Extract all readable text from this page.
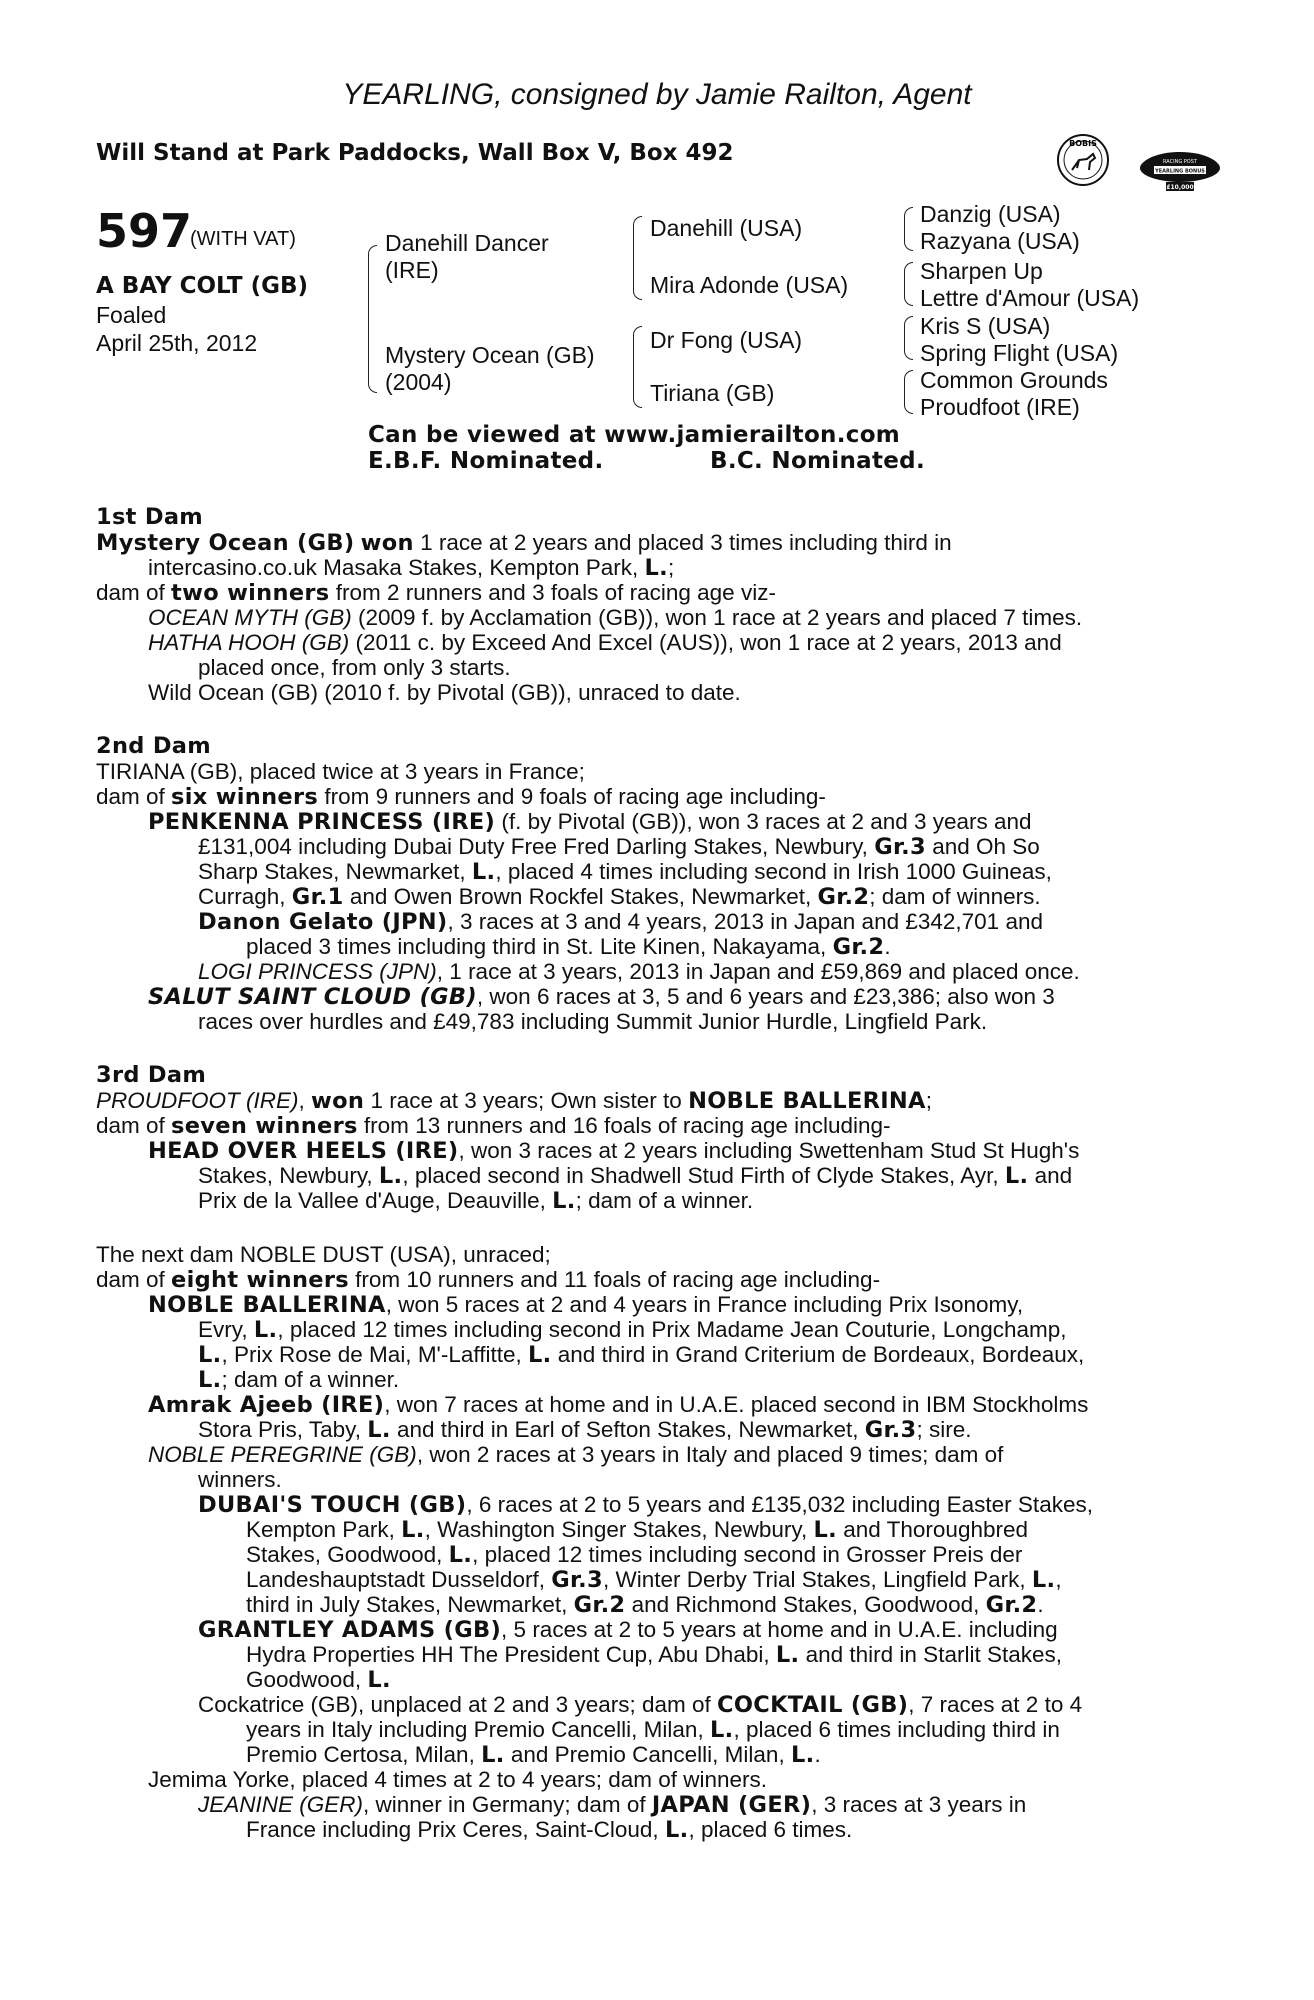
YEARLING, consigned by Jamie Railton, Agent
Will Stand at Park Paddocks, Wall Box V, Box 492	BOBIS
RACING POST
YEARLING BONUS
£10,000
597
(WITH VAT)
A BAY COLT (GB)
Foaled
April 25th, 2012
Danehill Dancer
(IRE)
Mystery Ocean (GB)
(2004)
Danehill (USA)
Mira Adonde (USA)
Dr Fong (USA)
Tiriana (GB)
Danzig (USA)
Razyana (USA)
Sharpen Up
Lettre d'Amour (USA)
Kris S (USA)
Spring Flight (USA)
Common Grounds
Proudfoot (IRE)
Can be viewed at www.jamierailton.com
E.B.F. Nominated.	B.C. Nominated.
1st Dam
Mystery Ocean (GB) won 1 race at 2 years and placed 3 times including third in
intercasino.co.uk Masaka Stakes, Kempton Park, L.;
dam of two winners from 2 runners and 3 foals of racing age viz-
OCEAN MYTH (GB) (2009 f. by Acclamation (GB)), won 1 race at 2 years and placed 7 times.
HATHA HOOH (GB) (2011 c. by Exceed And Excel (AUS)), won 1 race at 2 years, 2013 and
placed once, from only 3 starts.
Wild Ocean (GB) (2010 f. by Pivotal (GB)), unraced to date.
2nd Dam
TIRIANA (GB), placed twice at 3 years in France;
dam of six winners from 9 runners and 9 foals of racing age including-
PENKENNA PRINCESS (IRE) (f. by Pivotal (GB)), won 3 races at 2 and 3 years and
£131,004 including Dubai Duty Free Fred Darling Stakes, Newbury, Gr.3 and Oh So
Sharp Stakes, Newmarket, L., placed 4 times including second in Irish 1000 Guineas,
Curragh, Gr.1 and Owen Brown Rockfel Stakes, Newmarket, Gr.2; dam of winners.
Danon Gelato (JPN), 3 races at 3 and 4 years, 2013 in Japan and £342,701 and
placed 3 times including third in St. Lite Kinen, Nakayama, Gr.2.
LOGI PRINCESS (JPN), 1 race at 3 years, 2013 in Japan and £59,869 and placed once.
SALUT SAINT CLOUD (GB), won 6 races at 3, 5 and 6 years and £23,386; also won 3
races over hurdles and £49,783 including Summit Junior Hurdle, Lingfield Park.
3rd Dam
PROUDFOOT (IRE), won 1 race at 3 years; Own sister to NOBLE BALLERINA;
dam of seven winners from 13 runners and 16 foals of racing age including-
HEAD OVER HEELS (IRE), won 3 races at 2 years including Swettenham Stud St Hugh's
Stakes, Newbury, L., placed second in Shadwell Stud Firth of Clyde Stakes, Ayr, L. and
Prix de la Vallee d'Auge, Deauville, L.; dam of a winner.
The next dam NOBLE DUST (USA), unraced;
dam of eight winners from 10 runners and 11 foals of racing age including-
NOBLE BALLERINA, won 5 races at 2 and 4 years in France including Prix Isonomy,
Evry, L., placed 12 times including second in Prix Madame Jean Couturie, Longchamp,
L., Prix Rose de Mai, M'-Laffitte, L. and third in Grand Criterium de Bordeaux, Bordeaux,
L.; dam of a winner.
Amrak Ajeeb (IRE), won 7 races at home and in U.A.E. placed second in IBM Stockholms
Stora Pris, Taby, L. and third in Earl of Sefton Stakes, Newmarket, Gr.3; sire.
NOBLE PEREGRINE (GB), won 2 races at 3 years in Italy and placed 9 times; dam of
winners.
DUBAI'S TOUCH (GB), 6 races at 2 to 5 years and £135,032 including Easter Stakes,
Kempton Park, L., Washington Singer Stakes, Newbury, L. and Thoroughbred
Stakes, Goodwood, L., placed 12 times including second in Grosser Preis der
Landeshauptstadt Dusseldorf, Gr.3, Winter Derby Trial Stakes, Lingfield Park, L.,
third in July Stakes, Newmarket, Gr.2 and Richmond Stakes, Goodwood, Gr.2.
GRANTLEY ADAMS (GB), 5 races at 2 to 5 years at home and in U.A.E. including
Hydra Properties HH The President Cup, Abu Dhabi, L. and third in Starlit Stakes,
Goodwood, L.
Cockatrice (GB), unplaced at 2 and 3 years; dam of COCKTAIL (GB), 7 races at 2 to 4
years in Italy including Premio Cancelli, Milan, L., placed 6 times including third in
Premio Certosa, Milan, L. and Premio Cancelli, Milan, L..
Jemima Yorke, placed 4 times at 2 to 4 years; dam of winners.
JEANINE (GER), winner in Germany; dam of JAPAN (GER), 3 races at 3 years in
France including Prix Ceres, Saint-Cloud, L., placed 6 times.
